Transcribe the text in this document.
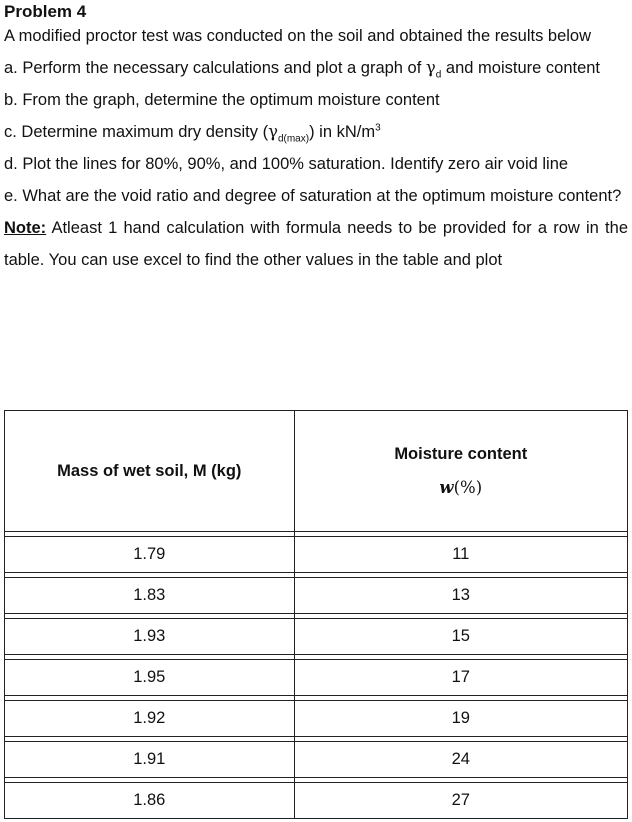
Problem 4
A modified proctor test was conducted on the soil and obtained the results below
a. Perform the necessary calculations and plot a graph of $\gamma_d$ and moisture content
b. From the graph, determine the optimum moisture content
c. Determine maximum dry density $(\gamma_{d(max)})$ in $kN/m^3$
d. Plot the lines for 80%, 90%, and 100% saturation. Identify zero air void line
e. What are the void ratio and degree of saturation at the optimum moisture content?
Note: Atleast 1 hand calculation with formula needs to be provided for a row in the table. You can use excel to find the other values in the table and plot
Mass of wet soil, M (kg)	Moisture content
w(%)

1.79	11

1.83	13

1.93	15

1.95	17

1.92	19

1.91	24

1.86	27
